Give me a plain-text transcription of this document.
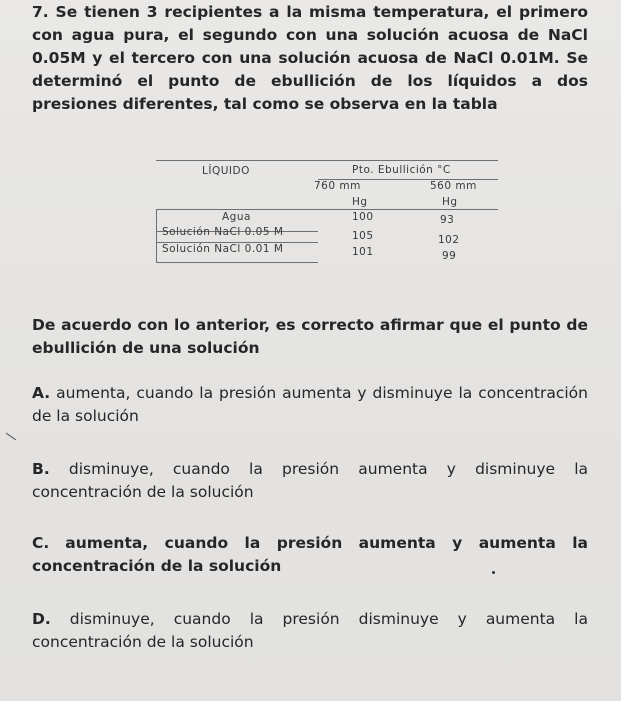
7. Se tienen 3 recipientes a la misma temperatura, el primero con agua pura, el segundo con una solución acuosa de NaCl 0.05M y el tercero con una solución acuosa de NaCl 0.01M. Se determinó el punto de ebullición de los líquidos a dos presiones diferentes, tal como se observa en la tabla
LÍQUIDO	Pto. Ebullición °C
760 mm	560 mm
Hg	Hg
Agua	100	93
Solución NaCl 0.05 M	105	102
Solución NaCl 0.01 M	101	99
De acuerdo con lo anterior, es correcto afirmar que el punto de ebullición de una solución
A. aumenta, cuando la presión aumenta y disminuye la concentración de la solución
B. disminuye, cuando la presión aumenta y disminuye la concentración de la solución
C. aumenta, cuando la presión aumenta y aumenta la concentración de la solución
D. disminuye, cuando la presión disminuye y aumenta la concentración de la solución
